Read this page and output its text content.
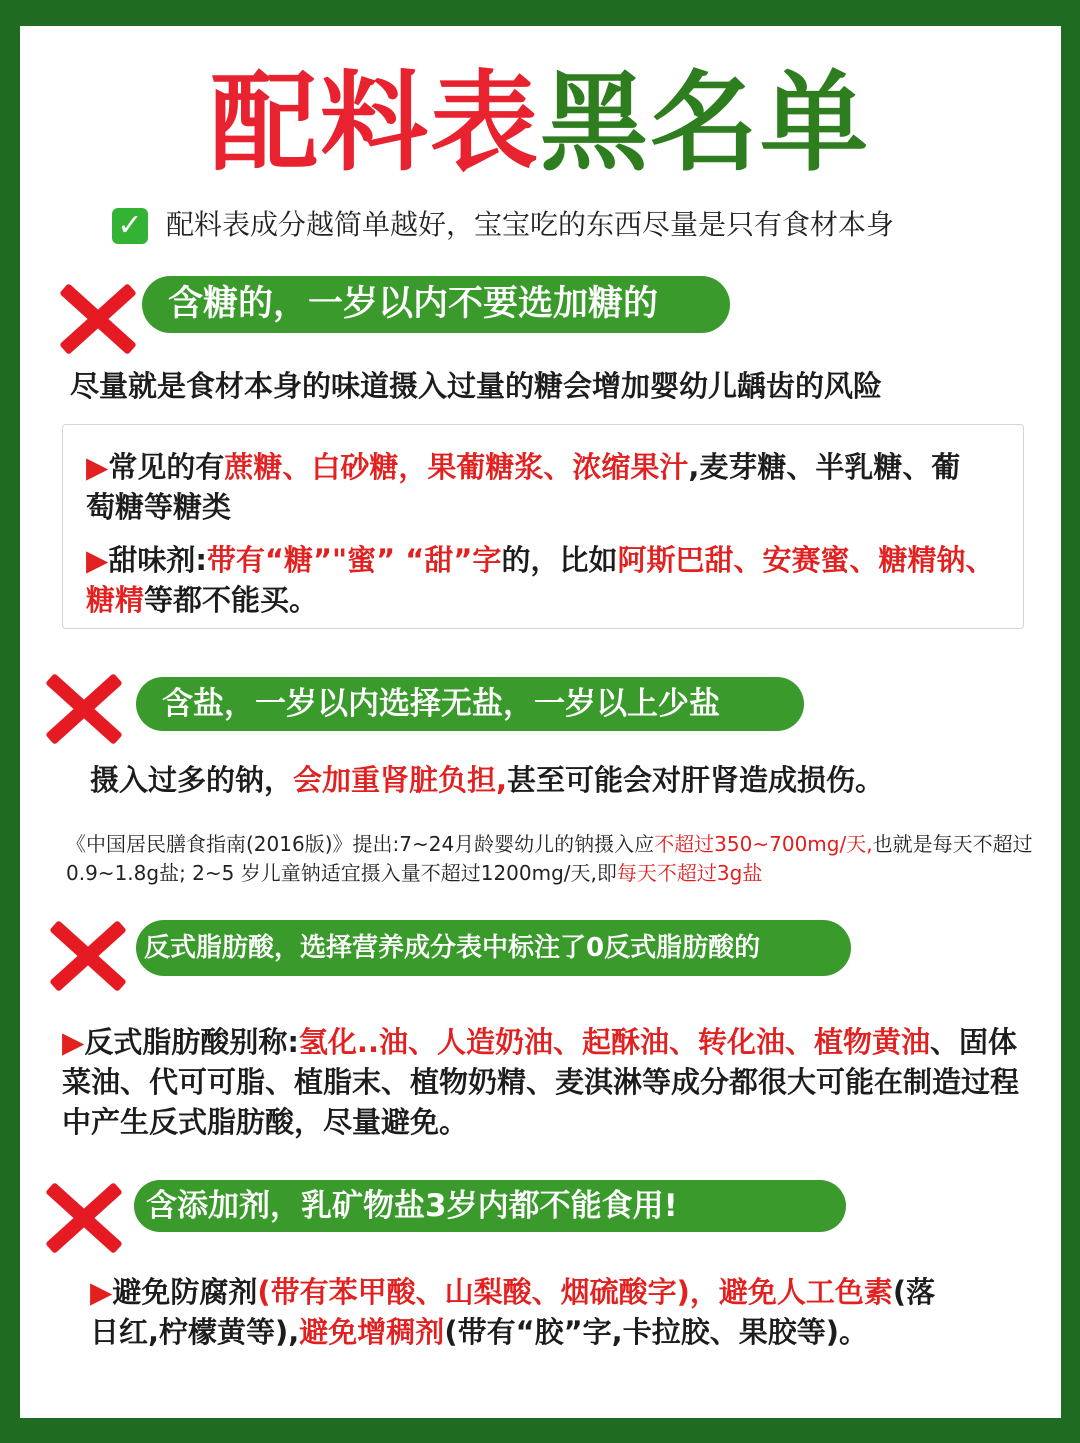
配料表黑名单
✓ 配料表成分越简单越好，宝宝吃的东西尽量是只有食材本身
含糖的，一岁以内不要选加糖的
尽量就是食材本身的味道摄入过量的糖会增加婴幼儿龋齿的风险
▶常见的有蔗糖、白砂糖，果葡糖浆、浓缩果汁,麦芽糖、半乳糖、葡萄糖等糖类
▶甜味剂:带有“糖”"蜜” “甜”字的，比如阿斯巴甜、安赛蜜、糖精钠、糖精等都不能买。
含盐，一岁以内选择无盐，一岁以上少盐
摄入过多的钠，会加重肾脏负担,甚至可能会对肝肾造成损伤。
《中国居民膳食指南(2016版)》提出:7~24月龄婴幼儿的钠摄入应不超过350~700mg/天,也就是每天不超过0.9~1.8g盐; 2~5 岁儿童钠适宜摄入量不超过1200mg/天,即每天不超过3g盐
反式脂肪酸，选择营养成分表中标注了0反式脂肪酸的
▶反式脂肪酸别称:氢化..油、人造奶油、起酥油、转化油、植物黄油、固体菜油、代可可脂、植脂末、植物奶精、麦淇淋等成分都很大可能在制造过程中产生反式脂肪酸，尽量避免。
含添加剂，乳矿物盐3岁内都不能食用!
▶避免防腐剂(带有苯甲酸、山梨酸、烟硫酸字)，避免人工色素(落日红,柠檬黄等),避免增稠剂(带有“胶”字,卡拉胶、果胶等)。
